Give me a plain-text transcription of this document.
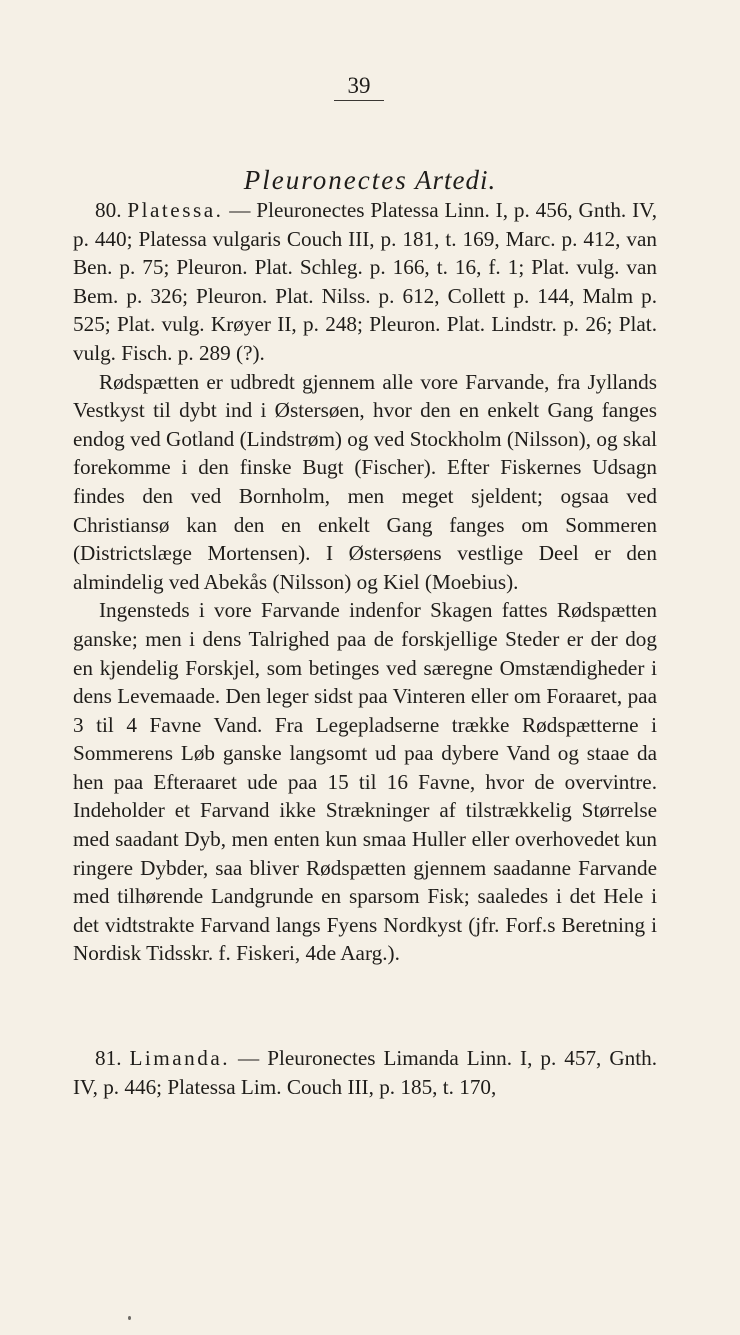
39
Pleuronectes Artedi.

80. Platessa. — Pleuronectes Platessa Linn. I, p. 456, Gnth. IV, p. 440; Platessa vulgaris Couch III, p. 181, t. 169, Marc. p. 412, van Ben. p. 75; Pleuron. Plat. Schleg. p. 166, t. 16, f. 1; Plat. vulg. van Bem. p. 326; Pleuron. Plat. Nilss. p. 612, Collett p. 144, Malm p. 525; Plat. vulg. Krøyer II, p. 248; Pleuron. Plat. Lindstr. p. 26; Plat. vulg. Fisch. p. 289 (?).

Rødspætten er udbredt gjennem alle vore Farvande, fra Jyllands Vestkyst til dybt ind i Østersøen, hvor den en enkelt Gang fanges endog ved Gotland (Lindstrøm) og ved Stockholm (Nilsson), og skal forekomme i den finske Bugt (Fischer). Efter Fiskernes Udsagn findes den ved Bornholm, men meget sjeldent; ogsaa ved Christiansø kan den en enkelt Gang fanges om Sommeren (Districtslæge Mortensen). I Østersøens vestlige Deel er den almindelig ved Abekås (Nilsson) og Kiel (Moebius).

Ingensteds i vore Farvande indenfor Skagen fattes Rødspætten ganske; men i dens Talrighed paa de forskjellige Steder er der dog en kjendelig Forskjel, som betinges ved særegne Omstændigheder i dens Levemaade. Den leger sidst paa Vinteren eller om Foraaret, paa 3 til 4 Favne Vand. Fra Legepladserne trække Rødspætterne i Sommerens Løb ganske langsomt ud paa dybere Vand og staae da hen paa Efteraaret ude paa 15 til 16 Favne, hvor de overvintre. Indeholder et Farvand ikke Strækninger af tilstrækkelig Størrelse med saadant Dyb, men enten kun smaa Huller eller overhovedet kun ringere Dybder, saa bliver Rødspætten gjennem saadanne Farvande med tilhørende Landgrunde en sparsom Fisk; saaledes i det Hele i det vidtstrakte Farvand langs Fyens Nordkyst (jfr. Forf.s Beretning i Nordisk Tidsskr. f. Fiskeri, 4de Aarg.).

81. Limanda. — Pleuronectes Limanda Linn. I, p. 457, Gnth. IV, p. 446; Platessa Lim. Couch III, p. 185, t. 170,
